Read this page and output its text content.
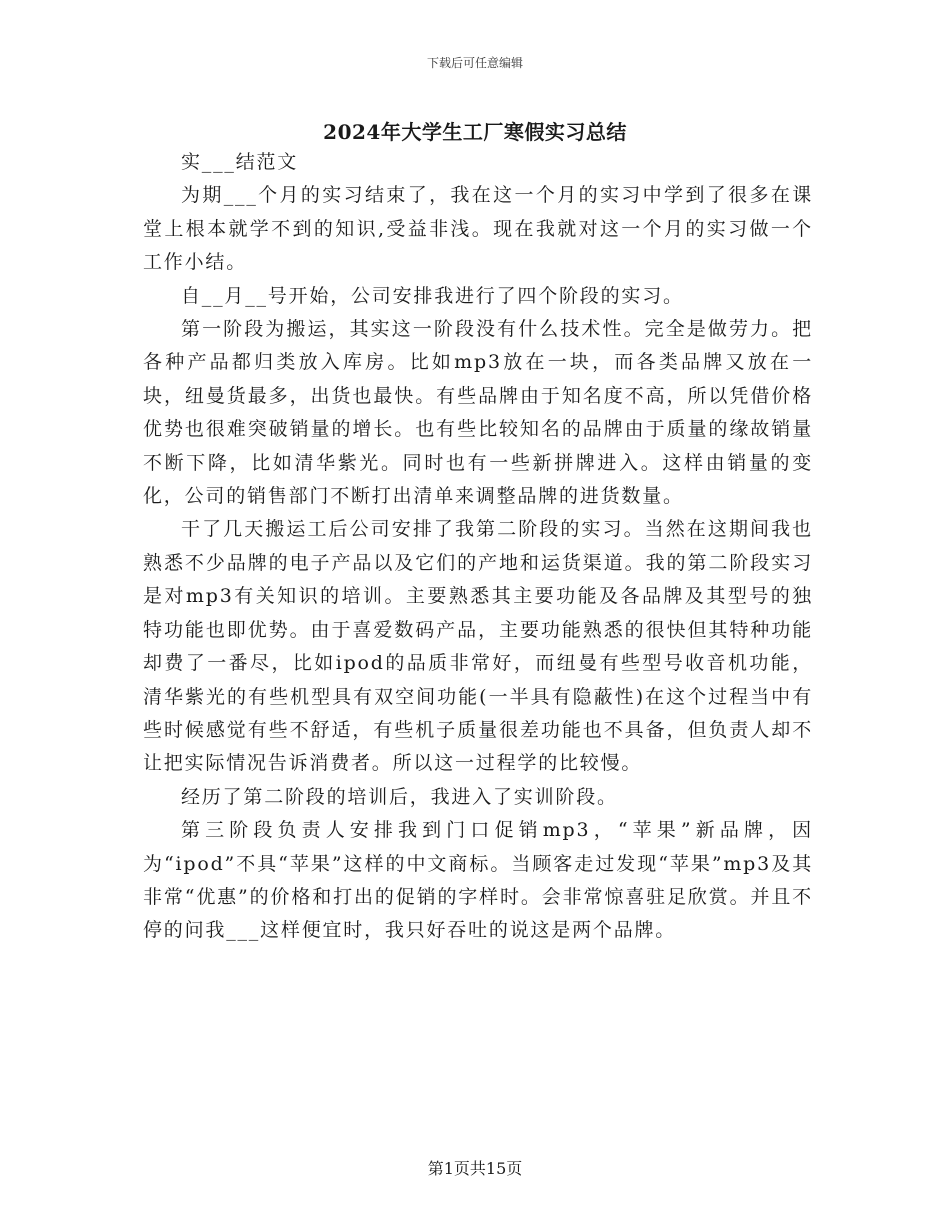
下载后可任意编辑
2024年大学生工厂寒假实习总结

实___结范文

为期___个月的实习结束了，我在这一个月的实习中学到了很多在课堂上根本就学不到的知识,受益非浅。现在我就对这一个月的实习做一个工作小结。

自__月__号开始，公司安排我进行了四个阶段的实习。

第一阶段为搬运，其实这一阶段没有什么技术性。完全是做劳力。把各种产品都归类放入库房。比如mp3放在一块，而各类品牌又放在一块，纽曼货最多，出货也最快。有些品牌由于知名度不高，所以凭借价格优势也很难突破销量的增长。也有些比较知名的品牌由于质量的缘故销量不断下降，比如清华紫光。同时也有一些新拼牌进入。这样由销量的变化，公司的销售部门不断打出清单来调整品牌的进货数量。

干了几天搬运工后公司安排了我第二阶段的实习。当然在这期间我也熟悉不少品牌的电子产品以及它们的产地和运货渠道。我的第二阶段实习是对mp3有关知识的培训。主要熟悉其主要功能及各品牌及其型号的独特功能也即优势。由于喜爱数码产品，主要功能熟悉的很快但其特种功能却费了一番尽，比如ipod的品质非常好，而纽曼有些型号收音机功能，清华紫光的有些机型具有双空间功能(一半具有隐蔽性)在这个过程当中有些时候感觉有些不舒适，有些机子质量很差功能也不具备，但负责人却不让把实际情况告诉消费者。所以这一过程学的比较慢。

经历了第二阶段的培训后，我进入了实训阶段。

第三阶段负责人安排我到门口促销mp3，“苹果”新品牌，因为“ipod”不具“苹果”这样的中文商标。当顾客走过发现“苹果”mp3及其非常“优惠”的价格和打出的促销的字样时。会非常惊喜驻足欣赏。并且不停的问我___这样便宜时，我只好吞吐的说这是两个品牌。

第1页共15页
